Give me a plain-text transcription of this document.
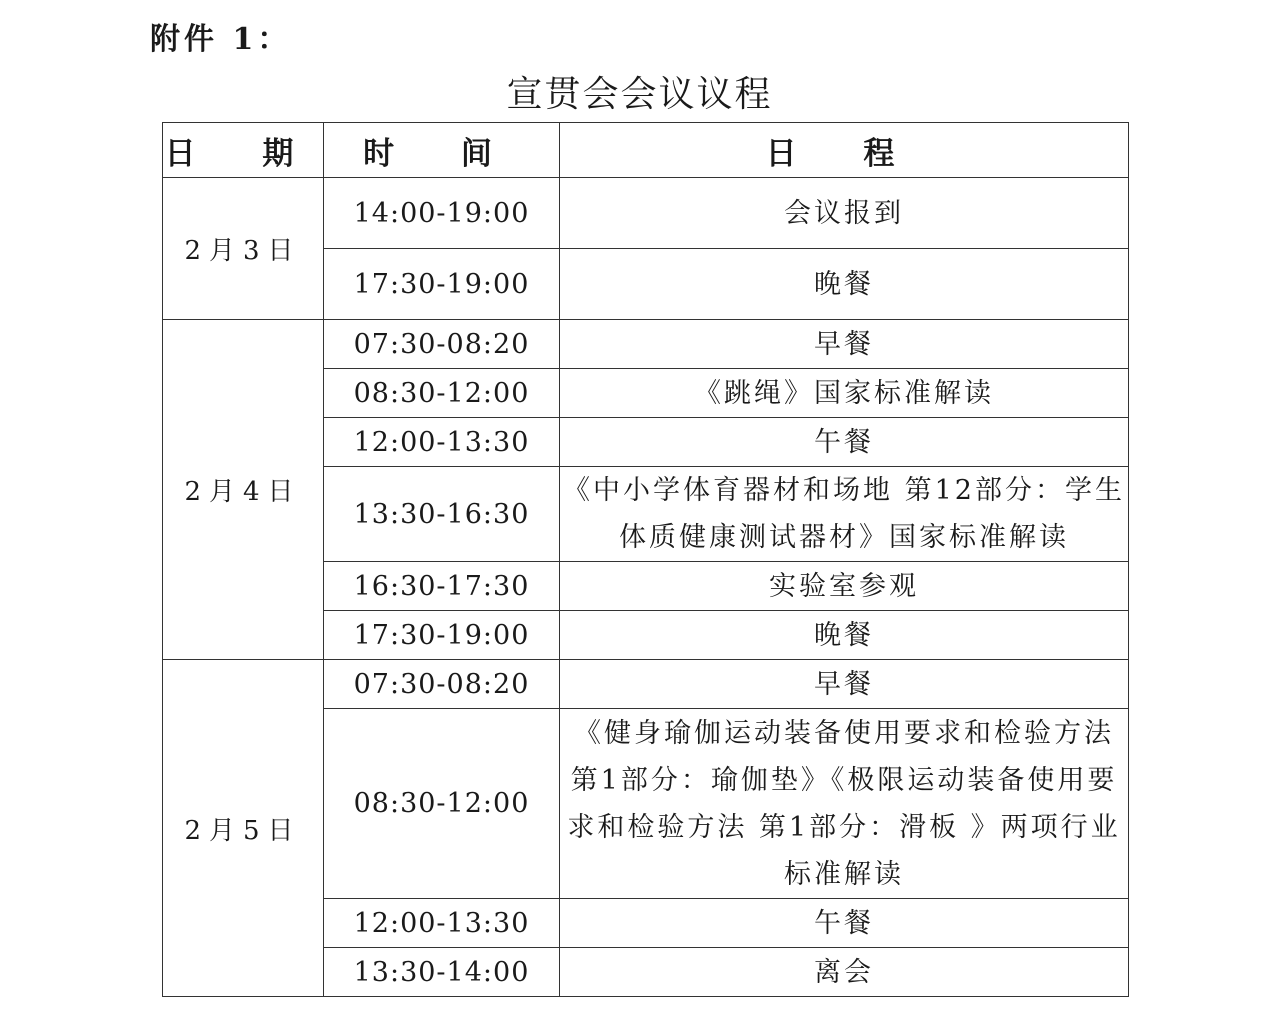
附件 1：
宣贯会会议议程
日 期	时 间	日 程
2月3日	14:00-19:00	会议报到
	17:30-19:00	晚餐
2月4日	07:30-08:20	早餐
	08:30-12:00	《跳绳》国家标准解读
	12:00-13:30	午餐
	13:30-16:30	《中小学体育器材和场地 第12部分：学生体质健康测试器材》国家标准解读
	16:30-17:30	实验室参观
	17:30-19:00	晚餐
2月5日	07:30-08:20	早餐
	08:30-12:00	《健身瑜伽运动装备使用要求和检验方法 第1部分：瑜伽垫》《极限运动装备使用要求和检验方法 第1部分：滑板 》两项行业标准解读
	12:00-13:30	午餐
	13:30-14:00	离会
